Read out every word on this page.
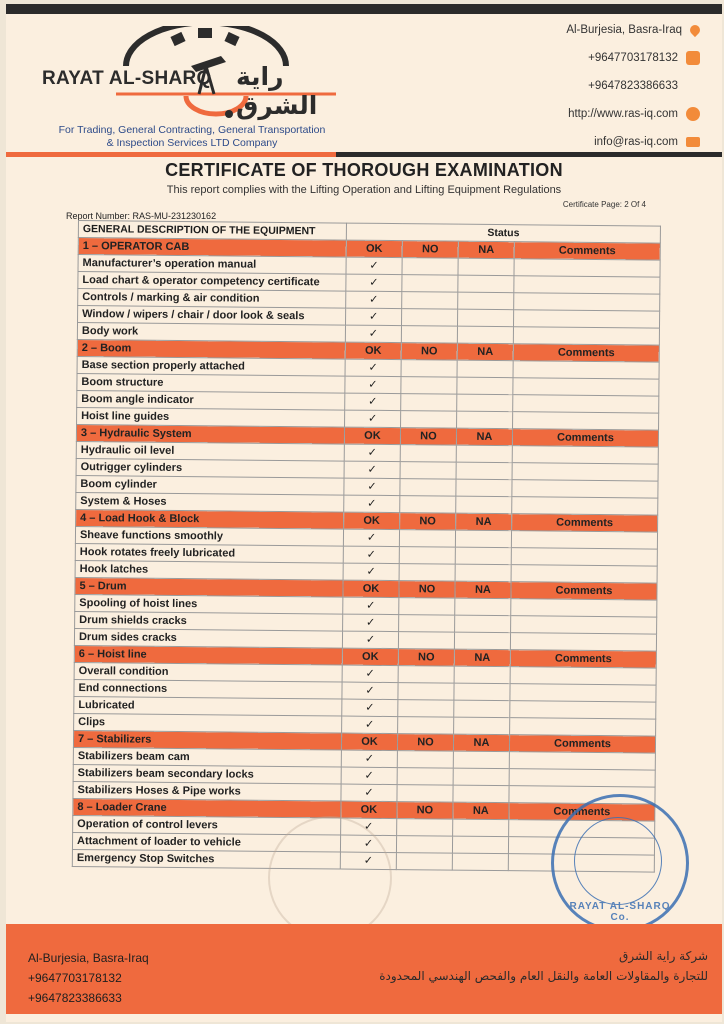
RAYAT AL-SHARQ راية الشرق
For Trading, General Contracting, General Transportation
& Inspection Services LTD Company
Al-Burjesia, Basra-Iraq
+9647703178132
+9647823386633
http://www.ras-iq.com
info@ras-iq.com
CERTIFICATE OF THOROUGH EXAMINATION
This report complies with the Lifting Operation and Lifting Equipment Regulations
Certificate Page: 2 Of 4
Report Number: RAS-MU-231230162
GENERAL DESCRIPTION OF THE EQUIPMENT	Status			
1 – OPERATOR CAB	OK	NO	NA	Comments
Manufacturer’s operation manual	✓			
Load chart & operator competency certificate	✓			
Controls / marking & air condition	✓			
Window / wipers / chair / door look & seals	✓			
Body work	✓			
2 – Boom	OK	NO	NA	Comments
Base section properly attached	✓			
Boom structure	✓			
Boom angle indicator	✓			
Hoist line guides	✓			
3 – Hydraulic System	OK	NO	NA	Comments
Hydraulic oil level	✓			
Outrigger cylinders	✓			
Boom cylinder	✓			
System & Hoses	✓			
4 – Load Hook & Block	OK	NO	NA	Comments
Sheave functions smoothly	✓			
Hook rotates freely lubricated	✓			
Hook latches	✓			
5 – Drum	OK	NO	NA	Comments
Spooling of hoist lines	✓			
Drum shields cracks	✓			
Drum sides cracks	✓			
6 – Hoist line	OK	NO	NA	Comments
Overall condition	✓			
End connections	✓			
Lubricated	✓			
Clips	✓			
7 – Stabilizers	OK	NO	NA	Comments
Stabilizers beam cam	✓			
Stabilizers beam secondary locks	✓			
Stabilizers Hoses & Pipe works	✓			
8 – Loader Crane	OK	NO	NA	Comments
Operation of control levers	✓			
Attachment of loader to vehicle	✓			
Emergency Stop Switches	✓			
RAYAT AL-SHARQ Co.
Al-Burjesia, Basra-Iraq
+9647703178132
+9647823386633
شركة راية الشرق
للتجارة والمقاولات العامة والنقل العام والفحص الهندسي المحدودة
